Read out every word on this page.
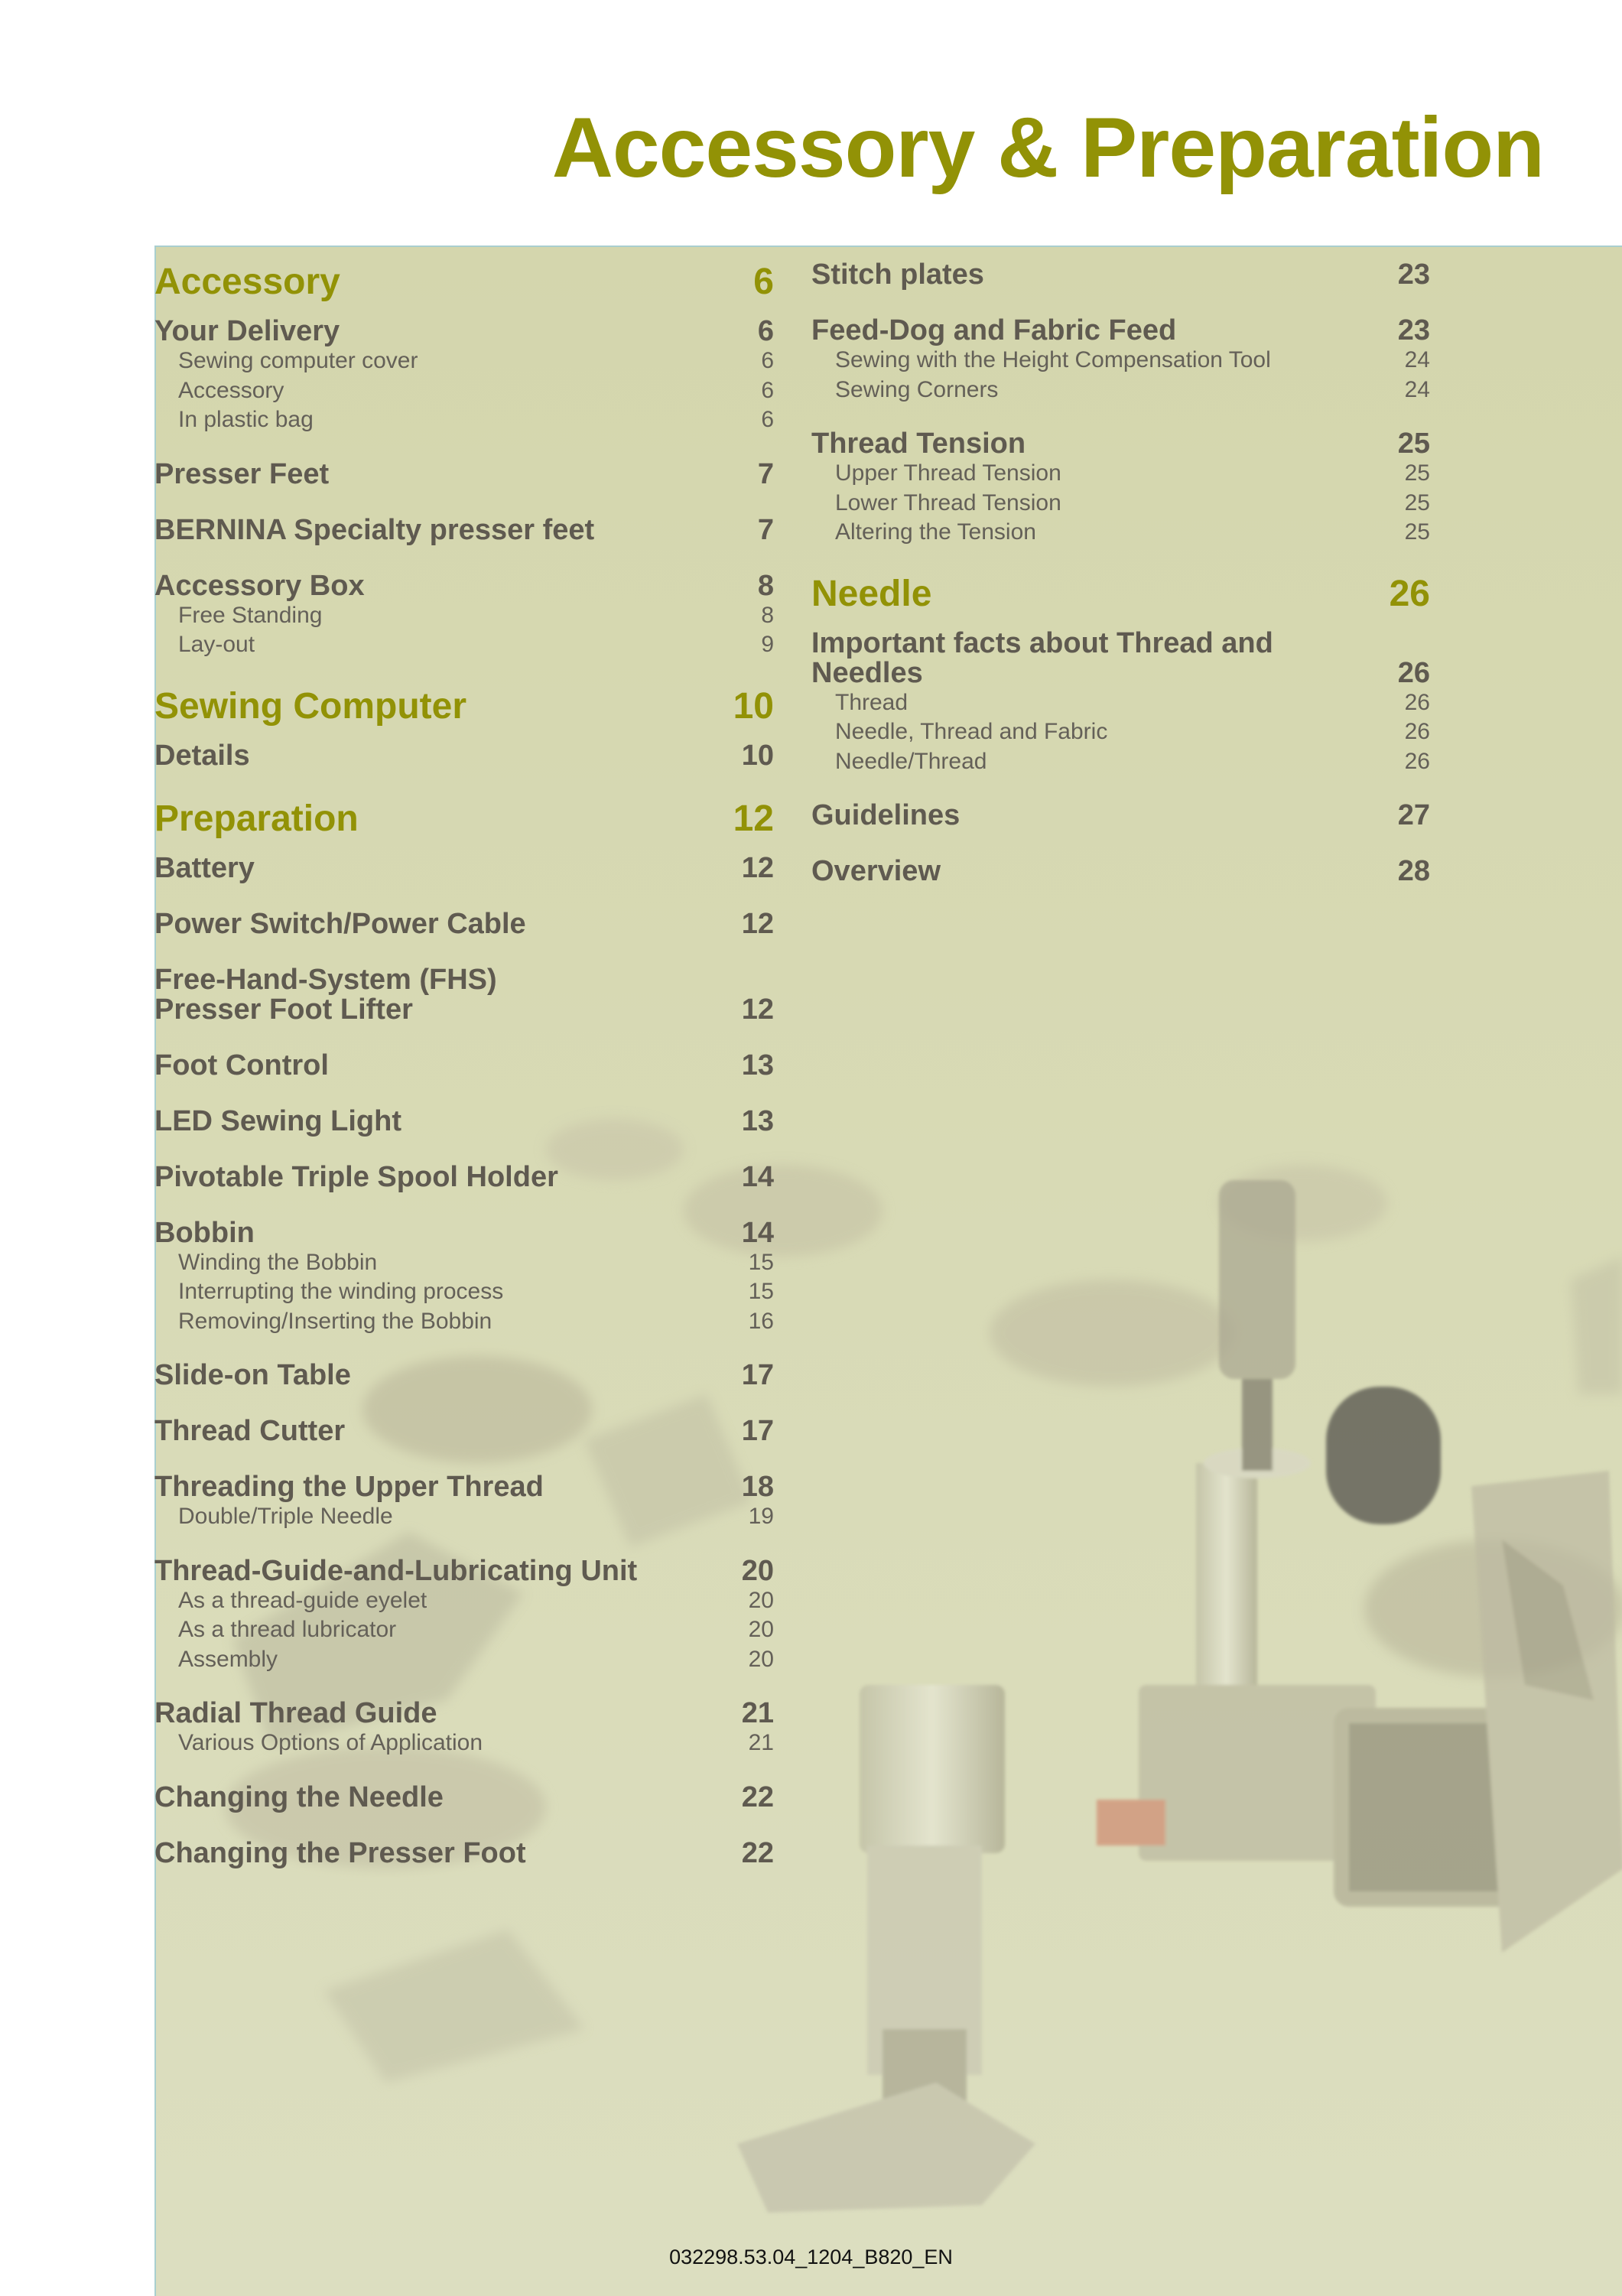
Accessory & Preparation
Accessory	6
Your Delivery	6
Sewing computer cover	6
Accessory	6
In plastic bag	6
Presser Feet	7
BERNINA Specialty presser feet	7
Accessory Box	8
Free Standing	8
Lay-out	9
Sewing Computer	10
Details	10
Preparation	12
Battery	12
Power Switch/Power Cable	12
Free-Hand-System (FHS)
Presser Foot Lifter	12
Foot Control	13
LED Sewing Light	13
Pivotable Triple Spool Holder	14
Bobbin	14
Winding the Bobbin	15
Interrupting the winding process	15
Removing/Inserting the Bobbin	16
Slide-on Table	17
Thread Cutter	17
Threading the Upper Thread	18
Double/Triple Needle	19
Thread-Guide-and-Lubricating Unit	20
As a thread-guide eyelet	20
As a thread lubricator	20
Assembly	20
Radial Thread Guide	21
Various Options of Application	21
Changing the Needle	22
Changing the Presser Foot	22
Stitch plates	23
Feed-Dog and Fabric Feed	23
Sewing with the Height Compensation Tool	24
Sewing Corners	24
Thread Tension	25
Upper Thread Tension	25
Lower Thread Tension	25
Altering the Tension	25
Needle	26
Important facts about Thread and
Needles	26
Thread	26
Needle, Thread and Fabric	26
Needle/Thread	26
Guidelines	27
Overview	28
032298.53.04_1204_B820_EN
